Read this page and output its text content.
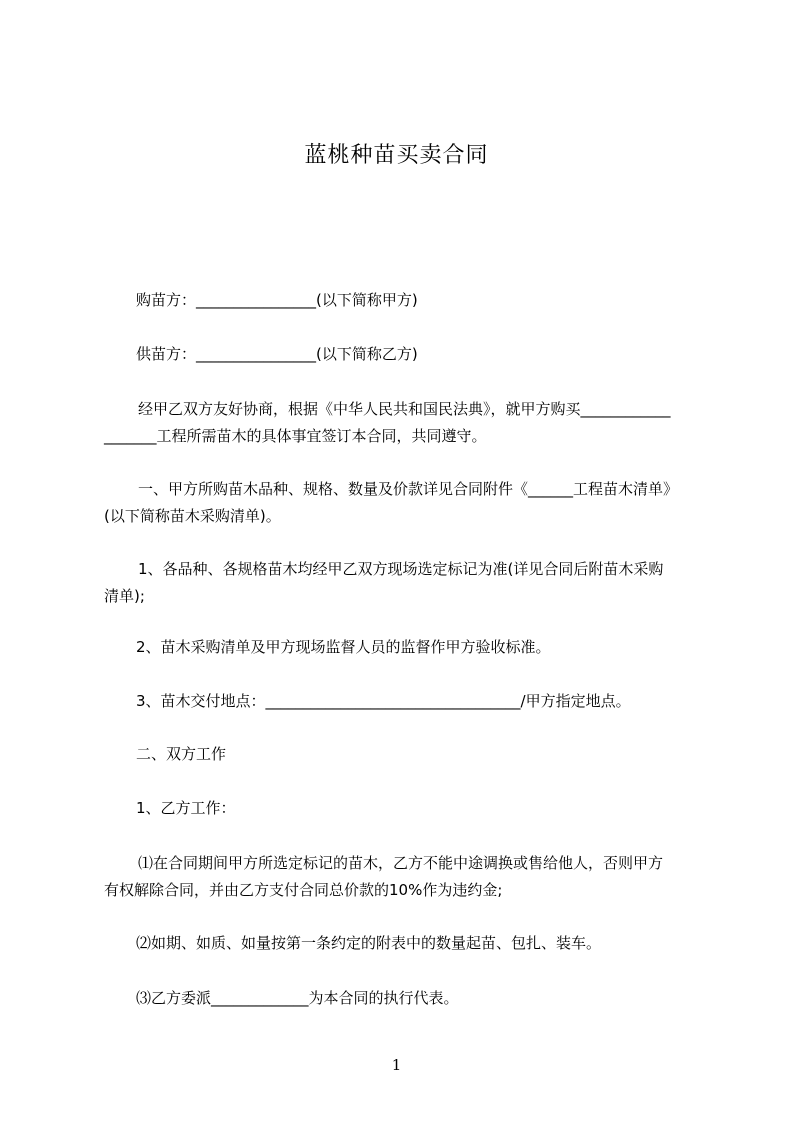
蓝桃种苗买卖合同
购苗方：________________(以下简称甲方)
供苗方：________________(以下简称乙方)
经甲乙双方友好协商，根据《中华人民共和国民法典》，就甲方购买____________
_______工程所需苗木的具体事宜签订本合同，共同遵守。
一、甲方所购苗木品种、规格、数量及价款详见合同附件《______工程苗木清单》
(以下简称苗木采购清单)。
1、各品种、各规格苗木均经甲乙双方现场选定标记为准(详见合同后附苗木采购
清单);
2、苗木采购清单及甲方现场监督人员的监督作甲方验收标准。
3、苗木交付地点：__________________________________/甲方指定地点。
二、双方工作
1、乙方工作：
⑴在合同期间甲方所选定标记的苗木，乙方不能中途调换或售给他人，否则甲方
有权解除合同，并由乙方支付合同总价款的10%作为违约金;
⑵如期、如质、如量按第一条约定的附表中的数量起苗、包扎、装车。
⑶乙方委派_____________为本合同的执行代表。
1
